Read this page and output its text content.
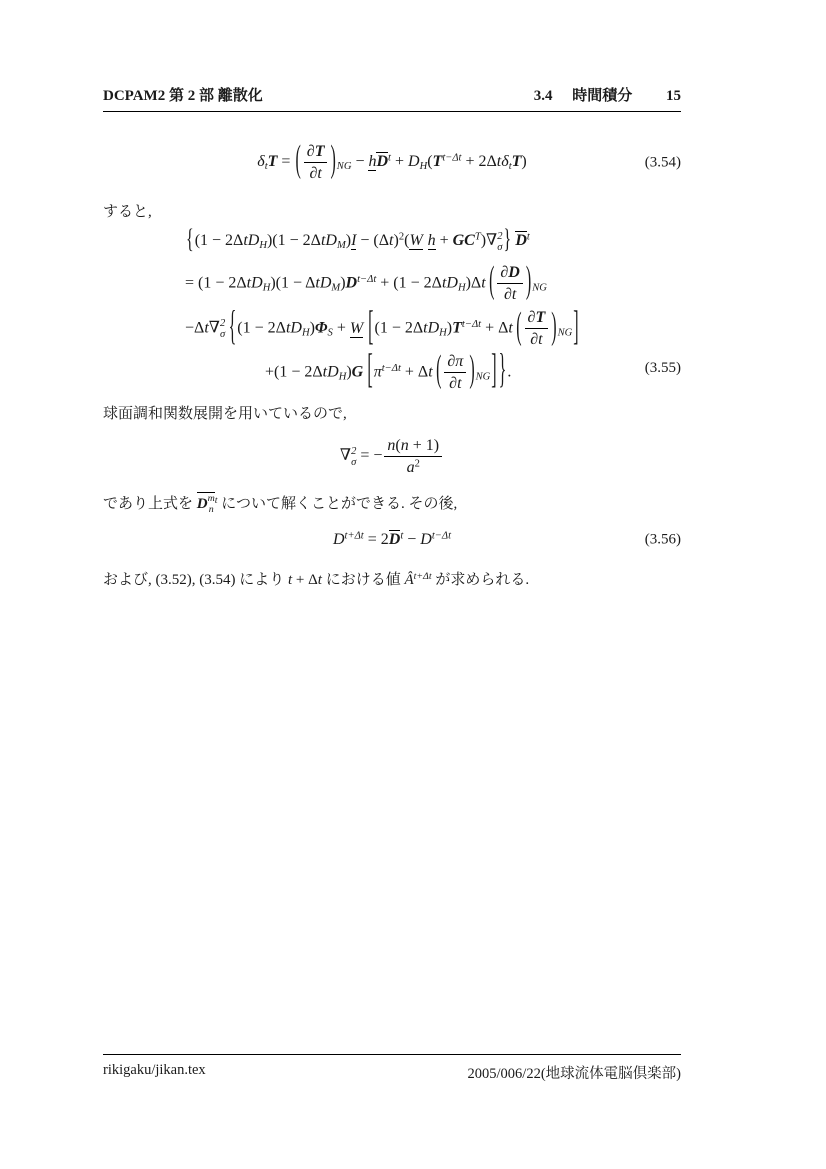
DCPAM2 第 2 部 離散化	3.4 時間積分 15
δtT = ( $\frac{\partial T}{\partial t} )NG - hD^t + DH(T^{t-\Delta t} + 2\Delta t\delta tT)$	(3.54)

すると,

{$(1 - 2\Delta tDH)(1 - 2\Delta tDM)I - (\Delta t)^2(W$ $h + GC^T)\nabla$ 2
σ } $D^t$
= $(1 - 2\Delta tDH)(1 - \Delta tDM)D^{t-\Delta t} + (1 - 2\Delta tDH)\Delta t$ ( $\frac{\partial D}{\partial t} )NG$
−Δt∇ 2
σ {(1 − 2ΔtDH)ΦS + W [$(1 - 2\Delta tDH)T^{t-\Delta t} + \Delta t$ ( $\frac{\partial T}{\partial t} )NG$]
+(1 − 2ΔtDH)G [$\pi^{t-\Delta t} + \Delta t$ ( $\frac{\partial\pi}{\partial t} )NG$] }.	(3.55)

球面調和関数展開を用いているので,

∇ 2
σ = − $\frac{n(n + 1)}{a^2}$

であり上式を D m
n
$^t$ について解くことができる. その後,

$D^{t+\Delta t} = 2D^t - D^{t-\Delta t}$	(3.56)

および, (3.52), (3.54) により t + Δt における値 $Â^{t+\Delta t}$ が求められる.

rikigaku/jikan.tex	2005/006/22(地球流体電脳倶楽部)
